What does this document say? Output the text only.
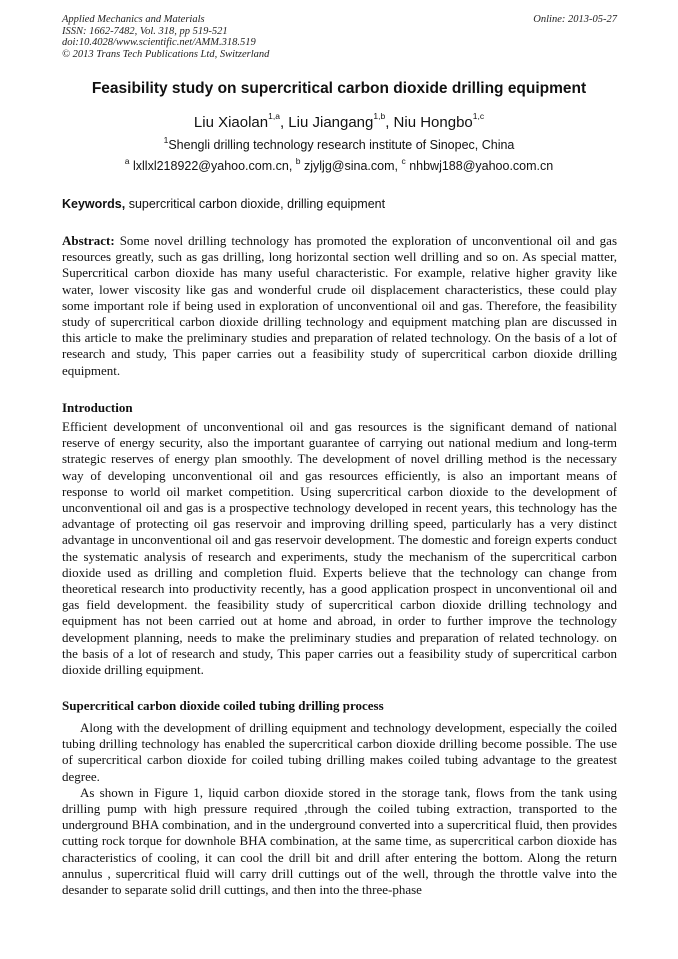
Applied Mechanics and Materials
ISSN: 1662-7482, Vol. 318, pp 519-521
doi:10.4028/www.scientific.net/AMM.318.519
© 2013 Trans Tech Publications Ltd, Switzerland
Online: 2013-05-27
Feasibility study on supercritical carbon dioxide drilling equipment
Liu Xiaolan$^{1,a}$, Liu Jiangang$^{1,b}$, Niu Hongbo$^{1,c}$
$^1$Shengli drilling technology research institute of Sinopec, China
$^a$ lxllxl218922@yahoo.com.cn, $^b$ zjyljg@sina.com, $^c$ nhbwj188@yahoo.com.cn
Keywords, supercritical carbon dioxide, drilling equipment

Abstract: Some novel drilling technology has promoted the exploration of unconventional oil and gas resources greatly, such as gas drilling, long horizontal section well drilling and so on. As special matter, Supercritical carbon dioxide has many useful characteristic. For example, relative higher gravity like water, lower viscosity like gas and wonderful crude oil displacement characteristics, these could play some important role if being used in exploration of unconventional oil and gas. Therefore, the feasibility study of supercritical carbon dioxide drilling technology and equipment matching plan are discussed in this article to make the preliminary studies and preparation of related technology. On the basis of a lot of research and study, This paper carries out a feasibility study of supercritical carbon dioxide drilling equipment.

Introduction

Efficient development of unconventional oil and gas resources is the significant demand of national reserve of energy security, also the important guarantee of carrying out national medium and long-term strategic reserves of energy plan smoothly. The development of novel drilling method is the necessary way of developing unconventional oil and gas resources efficiently, is also an important means of response to world oil market competition. Using supercritical carbon dioxide to the development of unconventional oil and gas is a prospective technology developed in recent years, this technology has the advantage of protecting oil gas reservoir and improving drilling speed, particularly has a very distinct advantage in unconventional oil and gas reservoir development. The domestic and foreign experts conduct the systematic analysis of research and experiments, study the mechanism of the supercritical carbon dioxide used as drilling and completion fluid. Experts believe that the technology can change from theoretical research into productivity recently, has a good application prospect in unconventional oil and gas field development. the feasibility study of supercritical carbon dioxide drilling technology and equipment has not been carried out at home and abroad, in order to further improve the technology development planning, needs to make the preliminary studies and preparation of related technology. on the basis of a lot of research and study, This paper carries out a feasibility study of supercritical carbon dioxide drilling equipment.

Supercritical carbon dioxide coiled tubing drilling process

Along with the development of drilling equipment and technology development, especially the coiled tubing drilling technology has enabled the supercritical carbon dioxide drilling become possible. The use of supercritical carbon dioxide for coiled tubing drilling makes coiled tubing advantage to the greatest degree.

As shown in Figure 1, liquid carbon dioxide stored in the storage tank, flows from the tank using drilling pump with high pressure required ,through the coiled tubing extraction, transported to the underground BHA combination, and in the underground converted into a supercritical fluid, then provides cutting rock torque for downhole BHA combination, at the same time, as supercritical carbon dioxide has characteristics of cooling, it can cool the drill bit and drill after entering the bottom. Along the return annulus , supercritical fluid will carry drill cuttings out of the well, through the throttle valve into the desander to separate solid drill cuttings, and then into the three-phase
